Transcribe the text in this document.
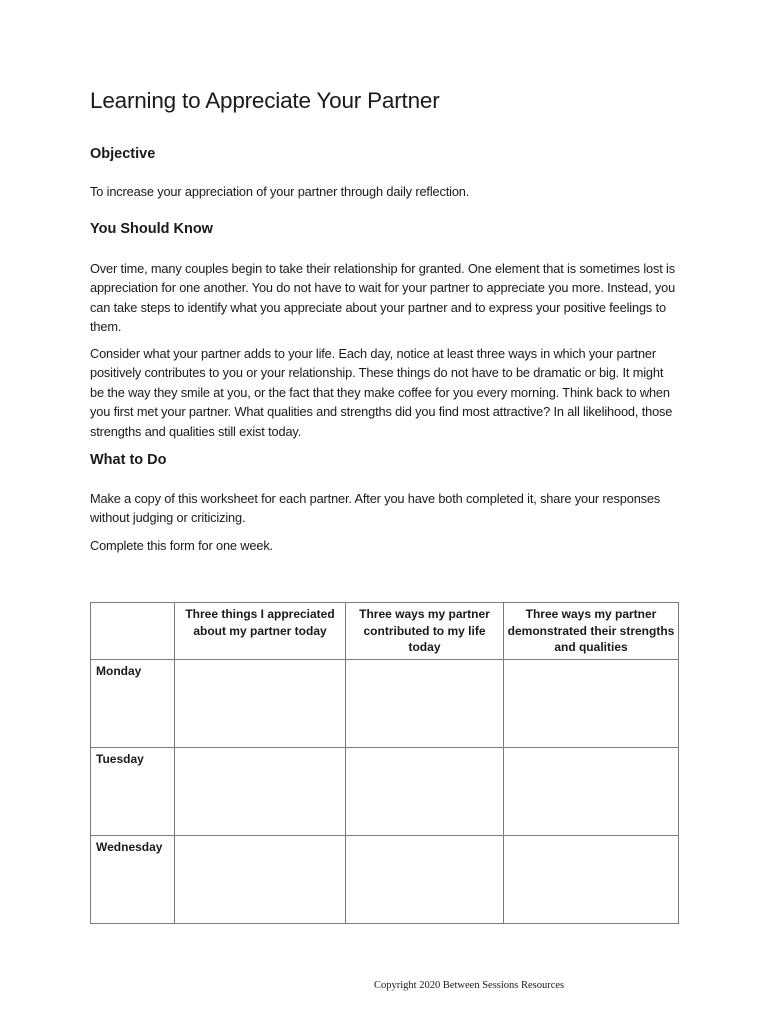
Learning to Appreciate Your Partner
Objective

To increase your appreciation of your partner through daily reflection.

You Should Know

Over time, many couples begin to take their relationship for granted. One element that is sometimes lost is appreciation for one another. You do not have to wait for your partner to appreciate you more. Instead, you can take steps to identify what you appreciate about your partner and to express your positive feelings to them.

Consider what your partner adds to your life. Each day, notice at least three ways in which your partner positively contributes to you or your relationship. These things do not have to be dramatic or big. It might be the way they smile at you, or the fact that they make coffee for you every morning. Think back to when you first met your partner. What qualities and strengths did you find most attractive? In all likelihood, those strengths and qualities still exist today.

What to Do

Make a copy of this worksheet for each partner. After you have both completed it, share your responses without judging or criticizing.

Complete this form for one week.

	Three things I appreciated about my partner today	Three ways my partner contributed to my life today	Three ways my partner demonstrated their strengths and qualities
Monday			
Tuesday			
Wednesday			
Copyright 2020 Between Sessions Resources
